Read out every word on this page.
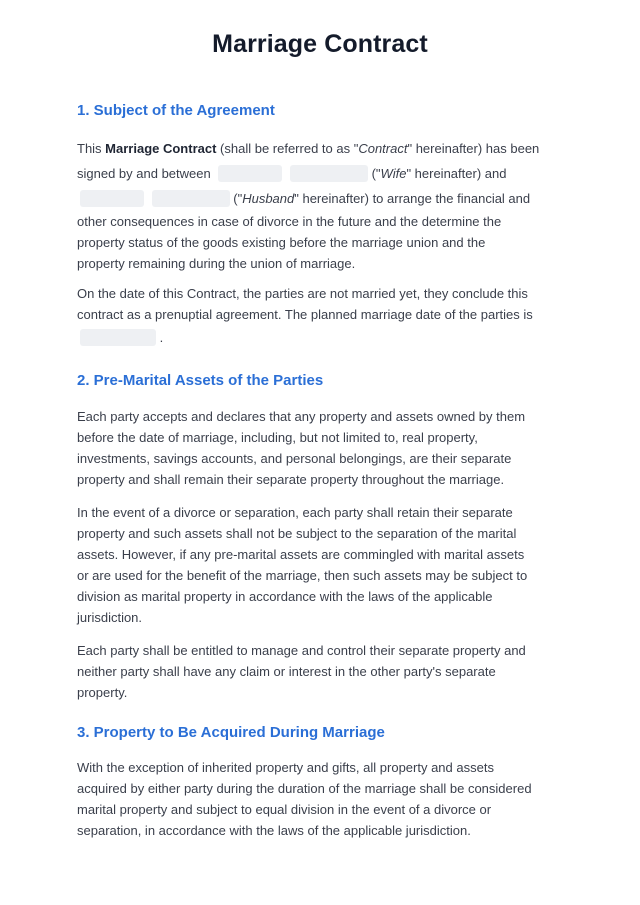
Marriage Contract
1. Subject of the Agreement
This Marriage Contract (shall be referred to as "Contract" hereinafter) has been
signed by and between	("Wife" hereinafter) and
("Husband" hereinafter) to arrange the financial and
other consequences in case of divorce in the future and the determine the
property status of the goods existing before the marriage union and the
property remaining during the union of marriage.
On the date of this Contract, the parties are not married yet, they conclude this
contract as a prenuptial agreement. The planned marriage date of the parties is
.
2. Pre-Marital Assets of the Parties
Each party accepts and declares that any property and assets owned by them
before the date of marriage, including, but not limited to, real property,
investments, savings accounts, and personal belongings, are their separate
property and shall remain their separate property throughout the marriage.
In the event of a divorce or separation, each party shall retain their separate
property and such assets shall not be subject to the separation of the marital
assets. However, if any pre-marital assets are commingled with marital assets
or are used for the benefit of the marriage, then such assets may be subject to
division as marital property in accordance with the laws of the applicable
jurisdiction.
Each party shall be entitled to manage and control their separate property and
neither party shall have any claim or interest in the other party's separate
property.
3. Property to Be Acquired During Marriage
With the exception of inherited property and gifts, all property and assets
acquired by either party during the duration of the marriage shall be considered
marital property and subject to equal division in the event of a divorce or
separation, in accordance with the laws of the applicable jurisdiction.
